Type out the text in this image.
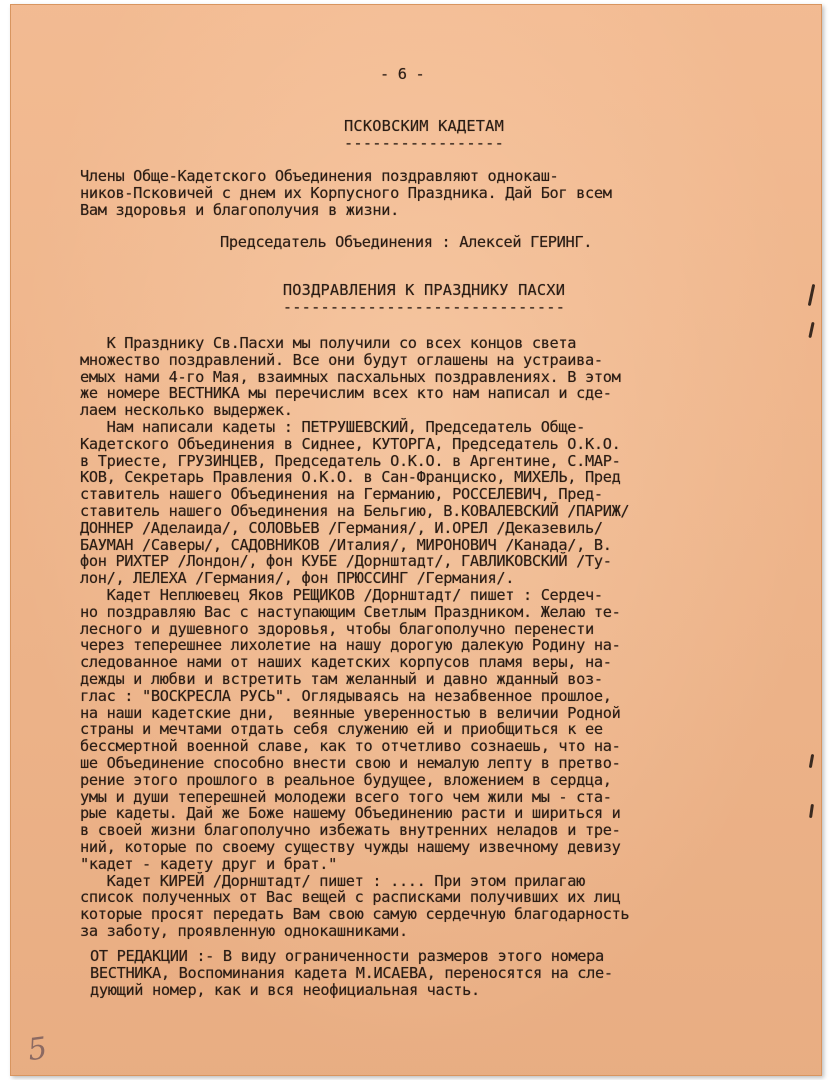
- 6 -
ПСКОВСКИМ КАДЕТАМ
-----------------
Члены Обще-Кадетского Объединения поздравляют однокаш-
ников-Псковичей с днем их Корпусного Праздника. Дай Бог всем
Вам здоровья и благополучия в жизни.
Председатель Объединения : Алексей ГЕРИНГ.
ПОЗДРАВЛЕНИЯ К ПРАЗДНИКУ ПАСХИ
------------------------------
К Празднику Св.Пасхи мы получили со всех концов света
множество поздравлений. Все они будут оглашены на устраива-
емых нами 4-го Мая, взаимных пасхальных поздравлениях. В этом
же номере ВЕСТНИКА мы перечислим всех кто нам написал и сде-
лаем несколько выдержек.
Нам написали кадеты : ПЕТРУШЕВСКИЙ, Председатель Обще-
Кадетского Объединения в Сиднее, КУТОРГА, Председатель О.К.О.
в Триесте, ГРУЗИНЦЕВ, Председатель О.К.О. в Аргентине, С.МАР-
КОВ, Секретарь Правления О.К.О. в Сан-Франциско, МИХЕЛЬ, Пред
ставитель нашего Объединения на Германию, РОССЕЛЕВИЧ, Пред-
ставитель нашего Объединения на Бельгию, В.КОВАЛЕВСКИЙ /ПАРИЖ/
ДОННЕР /Аделаида/, СОЛОВЬЕВ /Германия/, И.ОРЕЛ /Деказевиль/
БАУМАН /Саверы/, САДОВНИКОВ /Италия/, МИРОНОВИЧ /Канада/, В.
фон РИХТЕР /Лондон/, фон КУБЕ /Дорнштадт/, ГАВЛИКОВСКИЙ /Ту-
лон/, ЛЕЛЕХА /Германия/, фон ПРЮССИНГ /Германия/.
Кадет Неплюевец Яков РЕЩИКОВ /Дорнштадт/ пишет : Сердеч-
но поздравляю Вас с наступающим Светлым Праздником. Желаю те-
лесного и душевного здоровья, чтобы благополучно перенести
через теперешнее лихолетие на нашу дорогую далекую Родину на-
следованное нами от наших кадетских корпусов пламя веры, на-
дежды и любви и встретить там желанный и давно жданный воз-
глас : "ВОСКРЕСЛА РУСЬ". Оглядываясь на незабвенное прошлое,
на наши кадетские дни,  веянные уверенностью в величии Родной
страны и мечтами отдать себя служению ей и приобщиться к ее
бессмертной военной славе, как то отчетливо сознаешь, что на-
ше Объединение способно внести свою и немалую лепту в претво-
рение этого прошлого в реальное будущее, вложением в сердца,
умы и души теперешней молодежи всего того чем жили мы - ста-
рые кадеты. Дай же Боже нашему Объединению расти и шириться и
в своей жизни благополучно избежать внутренних неладов и тре-
ний, которые по своему существу чужды нашему извечному девизу
"кадет - кадету друг и брат."
Кадет КИРЕЙ /Дорнштадт/ пишет : .... При этом прилагаю
список полученных от Вас вещей с расписками получивших их лиц
которые просят передать Вам свою самую сердечную благодарность
за заботу, проявленную однокашниками.
ОТ РЕДАКЦИИ :- В виду ограниченности размеров этого номера
ВЕСТНИКА, Воспоминания кадета М.ИСАЕВА, переносятся на сле-
дующий номер, как и вся неофициальная часть.
5
